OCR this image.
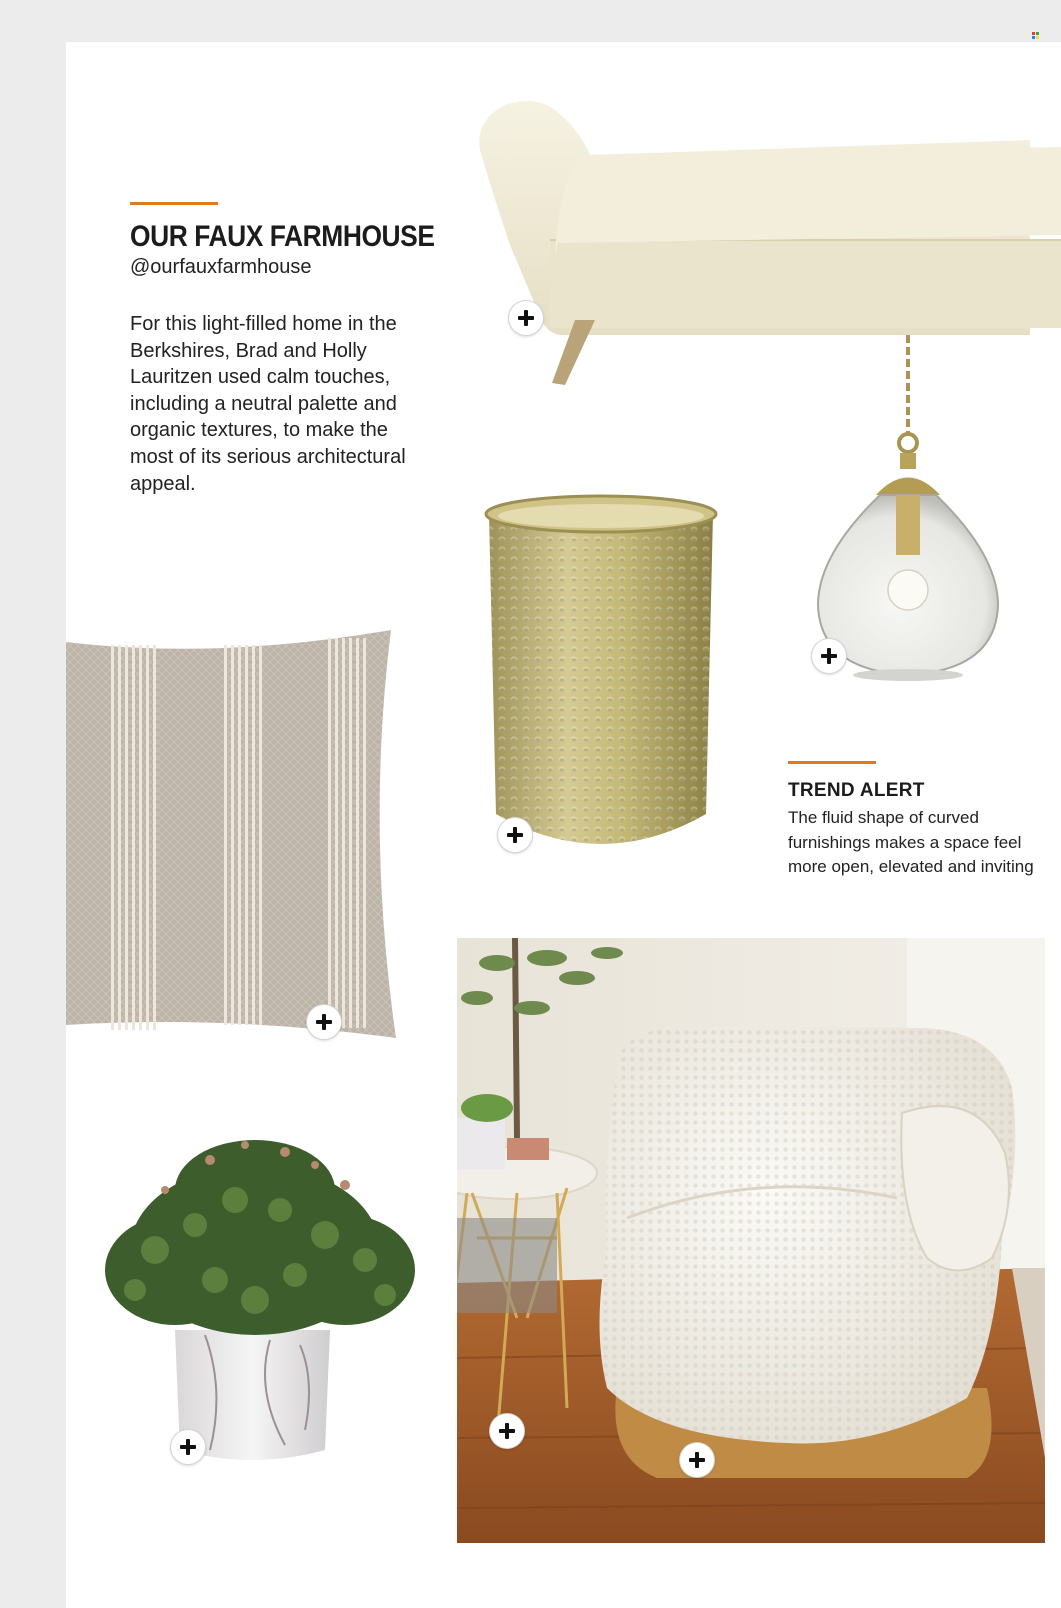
OUR FAUX FARMHOUSE
@ourfauxfarmhouse
For this light-filled home in the Berkshires, Brad and Holly Lauritzen used calm touches, including a neutral palette and organic textures, to make the most of its serious architectural appeal.
TREND ALERT
The fluid shape of curved furnishings makes a space feel more open, elevated and inviting
